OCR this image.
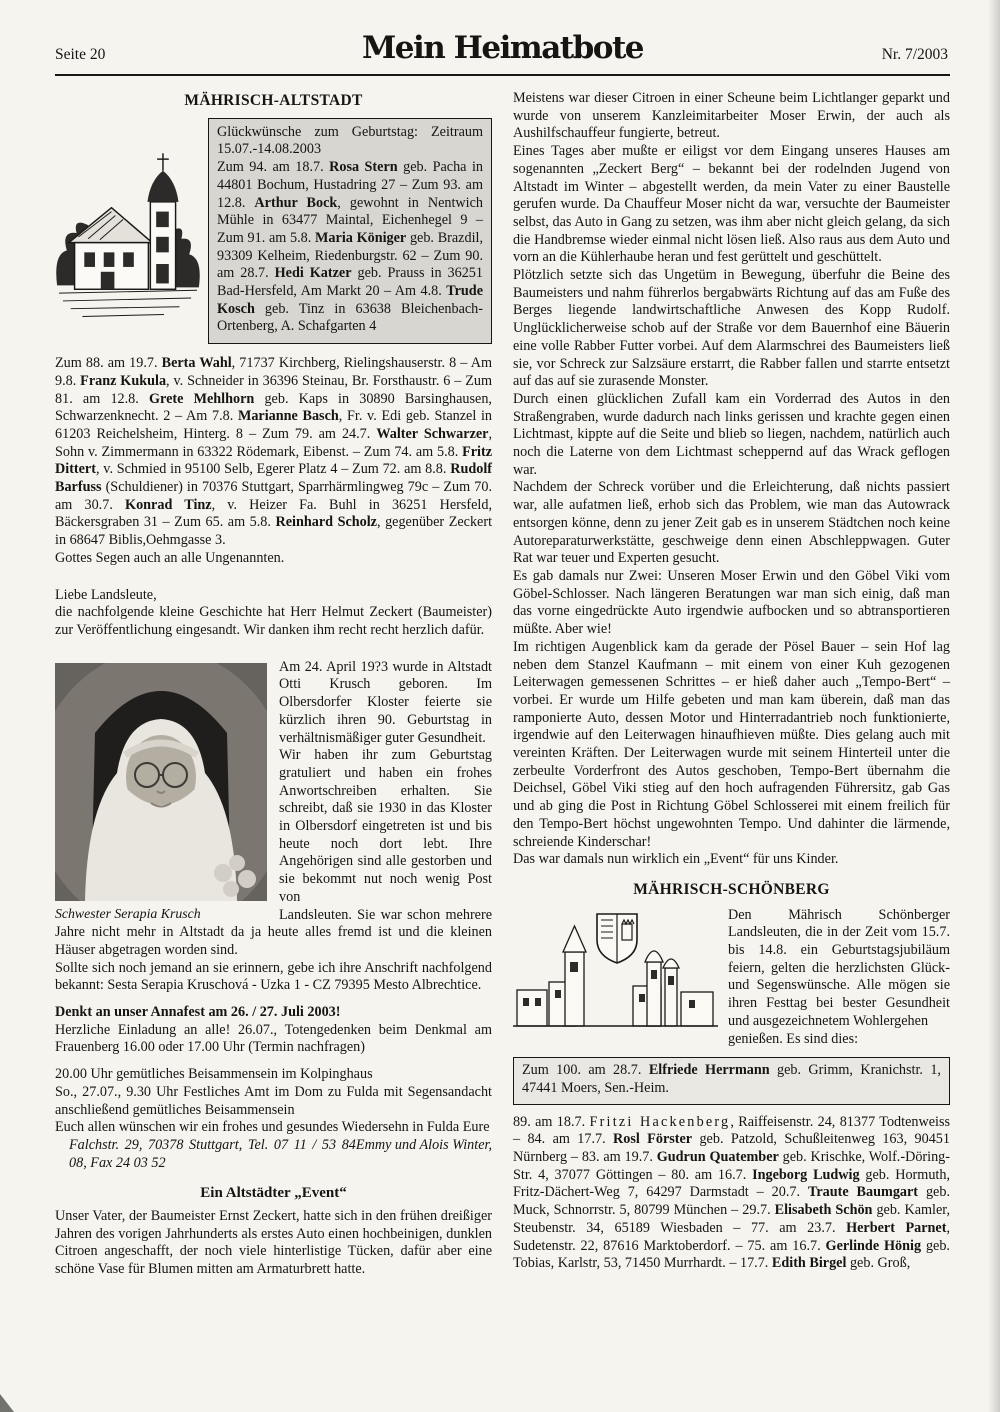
Seite 20	Mein Heimatbote	Nr. 7/2003
MÄHRISCH-ALTSTADT

Glückwünsche zum Geburtstag: Zeitraum 15.07.-14.08.2003

Zum 94. am 18.7. Rosa Stern geb. Pacha in 44801 Bochum, Hustadring 27 – Zum 93. am 12.8. Arthur Bock, gewohnt in Nentwich Mühle in 63477 Maintal, Eichenhegel 9 – Zum 91. am 5.8. Maria Königer geb. Brazdil, 93309 Kelheim, Riedenburgstr. 62 – Zum 90. am 28.7. Hedi Katzer geb. Prauss in 36251 Bad-Hersfeld, Am Markt 20 – Am 4.8. Trude Kosch geb. Tinz in 63638 Bleichenbach-Ortenberg, A. Schafgarten 4

Zum 88. am 19.7. Berta Wahl, 71737 Kirchberg, Rielingshauserstr. 8 – Am 9.8. Franz Kukula, v. Schneider in 36396 Steinau, Br. Forsthaustr. 6 – Zum 81. am 12.8. Grete Mehlhorn geb. Kaps in 30890 Barsinghausen, Schwarzenknecht. 2 – Am 7.8. Marianne Basch, Fr. v. Edi geb. Stanzel in 61203 Reichelsheim, Hinterg. 8 – Zum 79. am 24.7. Walter Schwarzer, Sohn v. Zimmermann in 63322 Rödemark, Eibenst. – Zum 74. am 5.8. Fritz Dittert, v. Schmied in 95100 Selb, Egerer Platz 4 – Zum 72. am 8.8. Rudolf Barfuss (Schuldiener) in 70376 Stuttgart, Sparrhärmlingweg 79c – Zum 70. am 30.7. Konrad Tinz, v. Heizer Fa. Buhl in 36251 Hersfeld, Bäckersgraben 31 – Zum 65. am 5.8. Reinhard Scholz, gegenüber Zeckert in 68647 Biblis,Oehmgasse 3.

Gottes Segen auch an alle Ungenannten.

Liebe Landsleute,

die nachfolgende kleine Geschichte hat Herr Helmut Zeckert (Baumeister) zur Veröffentlichung eingesandt. Wir danken ihm recht recht herzlich dafür.

Schwester Serapia Krusch

Am 24. April 19?3 wurde in Altstadt Otti Krusch geboren. Im Olbersdorfer Kloster feierte sie kürzlich ihren 90. Geburtstag in verhältnismäßiger guter Gesundheit.

Wir haben ihr zum Geburtstag gratuliert und haben ein frohes Anwortschreiben erhalten. Sie schreibt, daß sie 1930 in das Kloster in Olbersdorf eingetreten ist und bis heute noch dort lebt. Ihre Angehörigen sind alle gestorben und sie bekommt nut noch wenig Post von

Landsleuten. Sie war schon mehrere Jahre nicht mehr in Altstadt da ja heute alles fremd ist und die kleinen Häuser abgetragen worden sind.

Sollte sich noch jemand an sie erinnern, gebe ich ihre Anschrift nachfolgend bekannt: Sesta Serapia Kruschová - Uzka 1 - CZ 79395 Mesto Albrechtice.

Denkt an unser Annafest am 26. / 27. Juli 2003!

Herzliche Einladung an alle! 26.07., Totengedenken beim Denkmal am Frauenberg 16.00 oder 17.00 Uhr (Termin nachfragen)

20.00 Uhr gemütliches Beisammensein im Kolpinghaus

So., 27.07., 9.30 Uhr Festliches Amt im Dom zu Fulda mit Segensandacht anschließend gemütliches Beisammensein

Euch allen wünschen wir ein frohes und gesundes Wiedersehn in Fulda Eure
Emmy und Alois Winter,

Falchstr. 29, 70378 Stuttgart, Tel. 07 11 / 53 84 08, Fax 24 03 52

Ein Altstädter „Event“

Unser Vater, der Baumeister Ernst Zeckert, hatte sich in den frühen dreißiger Jahren des vorigen Jahrhunderts als erstes Auto einen hochbeinigen, dunklen Citroen angeschafft, der noch viele hinterlistige Tücken, dafür aber eine schöne Vase für Blumen mitten am Armaturbrett hatte.

Meistens war dieser Citroen in einer Scheune beim Lichtlanger geparkt und wurde von unserem Kanzleimitarbeiter Moser Erwin, der auch als Aushilfschauffeur fungierte, betreut.

Eines Tages aber mußte er eiligst vor dem Eingang unseres Hauses am sogenannten „Zeckert Berg“ – bekannt bei der rodelnden Jugend von Altstadt im Winter – abgestellt werden, da mein Vater zu einer Baustelle gerufen wurde. Da Chauffeur Moser nicht da war, versuchte der Baumeister selbst, das Auto in Gang zu setzen, was ihm aber nicht gleich gelang, da sich die Handbremse wieder einmal nicht lösen ließ. Also raus aus dem Auto und vorn an die Kühlerhaube heran und fest gerüttelt und geschüttelt.

Plötzlich setzte sich das Ungetüm in Bewegung, überfuhr die Beine des Baumeisters und nahm führerlos bergabwärts Richtung auf das am Fuße des Berges liegende landwirtschaftliche Anwesen des Kopp Rudolf. Unglücklicherweise schob auf der Straße vor dem Bauernhof eine Bäuerin eine volle Rabber Futter vorbei. Auf dem Alarmschrei des Baumeisters ließ sie, vor Schreck zur Salzsäure erstarrt, die Rabber fallen und starrte entsetzt auf das auf sie zurasende Monster.

Durch einen glücklichen Zufall kam ein Vorderrad des Autos in den Straßengraben, wurde dadurch nach links gerissen und krachte gegen einen Lichtmast, kippte auf die Seite und blieb so liegen, nachdem, natürlich auch noch die Laterne von dem Lichtmast scheppernd auf das Wrack geflogen war.

Nachdem der Schreck vorüber und die Erleichterung, daß nichts passiert war, alle aufatmen ließ, erhob sich das Problem, wie man das Autowrack entsorgen könne, denn zu jener Zeit gab es in unserem Städtchen noch keine Autoreparaturwerkstätte, geschweige denn einen Abschleppwagen. Guter Rat war teuer und Experten gesucht.

Es gab damals nur Zwei: Unseren Moser Erwin und den Göbel Viki vom Göbel-Schlosser. Nach längeren Beratungen war man sich einig, daß man das vorne eingedrückte Auto irgendwie aufbocken und so abtransportieren müßte. Aber wie!

Im richtigen Augenblick kam da gerade der Pösel Bauer – sein Hof lag neben dem Stanzel Kaufmann – mit einem von einer Kuh gezogenen Leiterwagen gemessenen Schrittes – er hieß daher auch „Tempo-Bert“ – vorbei. Er wurde um Hilfe gebeten und man kam überein, daß man das ramponierte Auto, dessen Motor und Hinterradantrieb noch funktionierte, irgendwie auf den Leiterwagen hinaufhieven müßte. Dies gelang auch mit vereinten Kräften. Der Leiterwagen wurde mit seinem Hinterteil unter die zerbeulte Vorderfront des Autos geschoben, Tempo-Bert übernahm die Deichsel, Göbel Viki stieg auf den hoch aufragenden Führersitz, gab Gas und ab ging die Post in Richtung Göbel Schlosserei mit einem freilich für den Tempo-Bert höchst ungewohnten Tempo. Und dahinter die lärmende, schreiende Kinderschar!

Das war damals nun wirklich ein „Event“ für uns Kinder.

MÄHRISCH-SCHÖNBERG

Den Mährisch Schönberger Landsleuten, die in der Zeit vom 15.7. bis 14.8. ein Geburtstagsjubiläum feiern, gelten die herzlichsten Glück- und Segenswünsche. Alle mögen sie ihren Festtag bei bester Gesundheit und ausgezeichnetem Wohlergehen

genießen. Es sind dies:

Zum 100. am 28.7. Elfriede Herrmann geb. Grimm, Kranichstr. 1, 47441 Moers, Sen.-Heim.

89. am 18.7. Fritzi Hackenberg, Raiffeisenstr. 24, 81377 Todtenweiss – 84. am 17.7. Rosl Förster geb. Patzold, Schußleitenweg 163, 90451 Nürnberg – 83. am 19.7. Gudrun Quatember geb. Krischke, Wolf.-Döring-Str. 4, 37077 Göttingen – 80. am 16.7. Ingeborg Ludwig geb. Hormuth, Fritz-Dächert-Weg 7, 64297 Darmstadt – 20.7. Traute Baumgart geb. Muck, Schnorrstr. 5, 80799 München – 29.7. Elisabeth Schön geb. Kamler, Steubenstr. 34, 65189 Wiesbaden – 77. am 23.7. Herbert Parnet, Sudetenstr. 22, 87616 Marktoberdorf. – 75. am 16.7. Gerlinde Hönig geb. Tobias, Karlstr, 53, 71450 Murrhardt. – 17.7. Edith Birgel geb. Groß,
